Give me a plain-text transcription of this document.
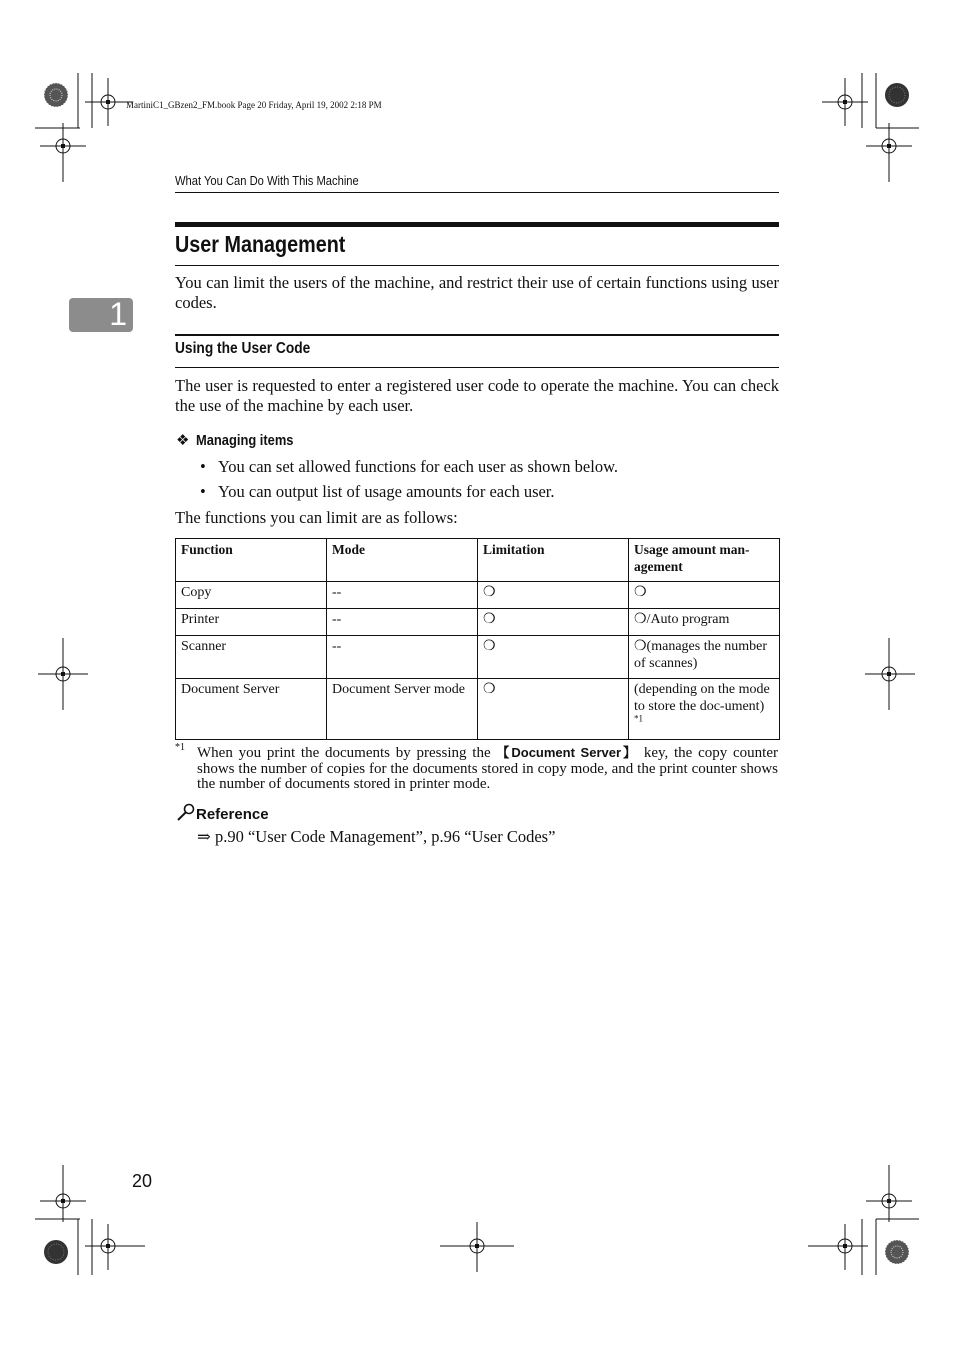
MartiniC1_GBzen2_FM.book Page 20 Friday, April 19, 2002 2:18 PM
What You Can Do With This Machine
1
User Management
You can limit the users of the machine, and restrict their use of certain functions using user codes.
Using the User Code
The user is requested to enter a registered user code to operate the machine. You can check the use of the machine by each user.
❖ Managing items
• You can set allowed functions for each user as shown below.
• You can output list of usage amounts for each user.
The functions you can limit are as follows:
Function	Mode	Limitation	Usage amount man-agement
Copy	--	❍	❍
Printer	--	❍	❍/Auto program
Scanner	--	❍	❍(manages the number of scannes)
Document Server	Document Server mode	❍	(depending on the mode to store the doc-ument) $^{*1}$
*1 When you print the documents by pressing the 【Document Server】 key, the copy counter shows the number of copies for the documents stored in copy mode, and the print counter shows the number of documents stored in printer mode.
Reference
⇒ p.90 “User Code Management”, p.96 “User Codes”
20
